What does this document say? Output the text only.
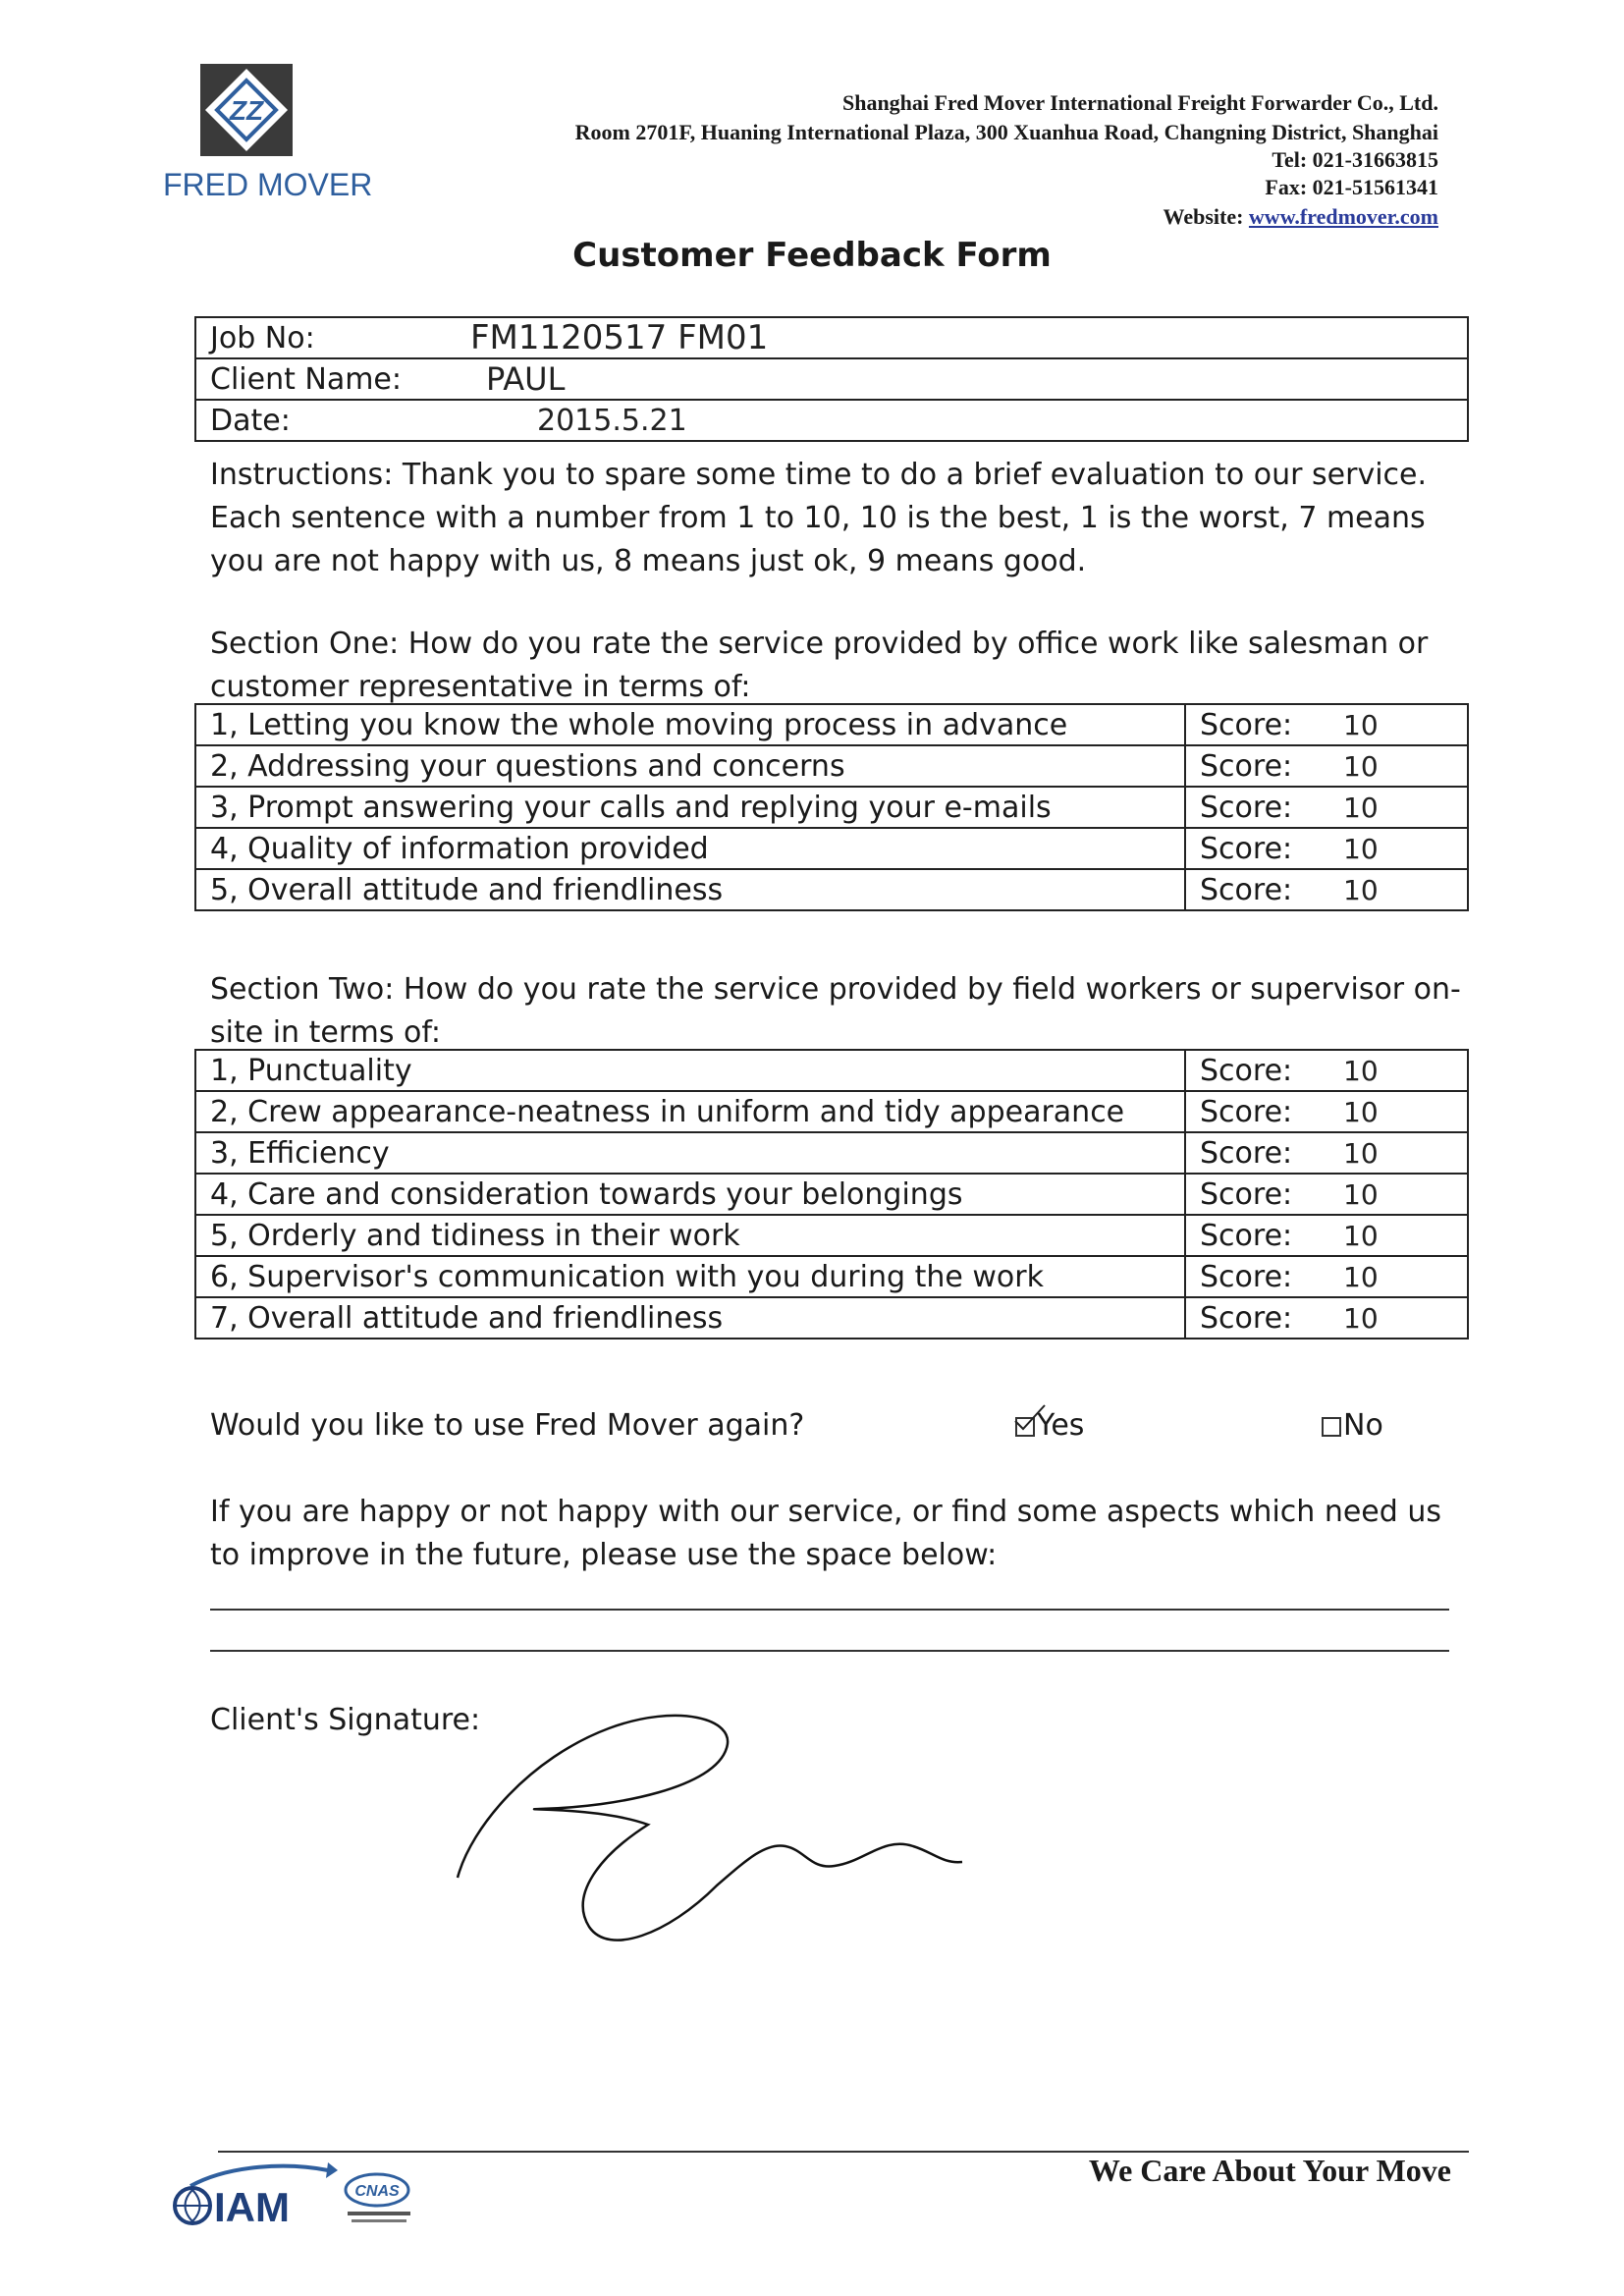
ZZ
FRED MOVER
Shanghai Fred Mover International Freight Forwarder Co., Ltd.
Room 2701F, Huaning International Plaza, 300 Xuanhua Road, Changning District, Shanghai
Tel: 021-31663815
Fax: 021-51561341
Website: www.fredmover.com
Customer Feedback Form
Job No:	FM1120517 FM01
Client Name:	PAUL
Date:	2015.5.21
Instructions: Thank you to spare some time to do a brief evaluation to our service. Each sentence with a number from 1 to 10, 10 is the best, 1 is the worst, 7 means you are not happy with us, 8 means just ok, 9 means good.
Section One: How do you rate the service provided by office work like salesman or customer representative in terms of:
1, Letting you know the whole moving process in advance	Score:	10
2, Addressing your questions and concerns	Score:	10
3, Prompt answering your calls and replying your e-mails	Score:	10
4, Quality of information provided	Score:	10
5, Overall attitude and friendliness	Score:	10
Section Two: How do you rate the service provided by field workers or supervisor on-site in terms of:
1, Punctuality	Score:	10
2, Crew appearance-neatness in uniform and tidy appearance	Score:	10
3, Efficiency	Score:	10
4, Care and consideration towards your belongings	Score:	10
5, Orderly and tidiness in their work	Score:	10
6, Supervisor's communication with you during the work	Score:	10
7, Overall attitude and friendliness	Score:	10
Would you like to use Fred Mover again?	Yes	No
If you are happy or not happy with our service, or find some aspects which need us to improve in the future, please use the space below:
Client's Signature:
We Care About Your Move
IAM	CNAS
